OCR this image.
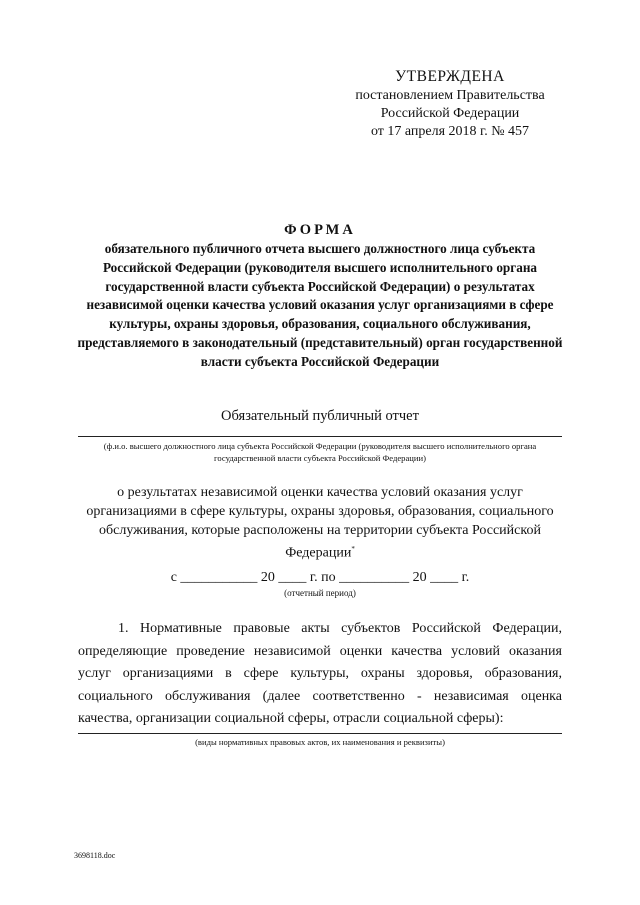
УТВЕРЖДЕНА
постановлением Правительства
Российской Федерации
от 17 апреля 2018 г. № 457
ФОРМА
обязательного публичного отчета высшего должностного лица субъекта Российской Федерации (руководителя высшего исполнительного органа государственной власти субъекта Российской Федерации) о результатах независимой оценки качества условий оказания услуг организациями в сфере культуры, охраны здоровья, образования, социального обслуживания, представляемого в законодательный (представительный) орган государственной власти субъекта Российской Федерации
Обязательный публичный отчет
(ф.и.о. высшего должностного лица субъекта Российской Федерации (руководителя высшего исполнительного органа государственной власти субъекта Российской Федерации)
о результатах независимой оценки качества условий оказания услуг организациями в сфере культуры, охраны здоровья, образования, социального обслуживания, которые расположены на территории субъекта Российской Федерации*
с ___________ 20 ____ г. по __________ 20 ____ г.
(отчетный период)
1. Нормативные правовые акты субъектов Российской Федерации, определяющие проведение независимой оценки качества условий оказания услуг организациями в сфере культуры, охраны здоровья, образования, социального обслуживания (далее соответственно - независимая оценка качества, организации социальной сферы, отрасли социальной сферы):
(виды нормативных правовых актов, их наименования и реквизиты)
3698118.doc
